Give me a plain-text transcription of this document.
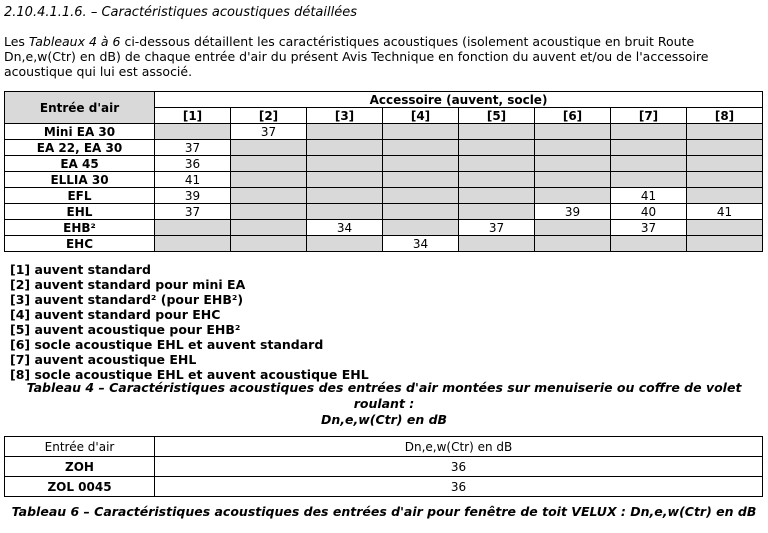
2.10.4.1.1.6. – Caractéristiques acoustiques détaillées
Les Tableaux 4 à 6 ci-dessous détaillent les caractéristiques acoustiques (isolement acoustique en bruit Route Dn,e,w(Ctr) en dB) de chaque entrée d'air du présent Avis Technique en fonction du auvent et/ou de l'accessoire acoustique qui lui est associé.
Entrée d'air	Accessoire (auvent, socle)							
	[1]	[2]	[3]	[4]	[5]	[6]	[7]	[8]
Mini EA 30		37						
EA 22, EA 30	37							
EA 45	36							
ELLIA 30	41							
EFL	39						41	
EHL	37					39	40	41
EHB²			34		37		37	
EHC				34				
[1] auvent standard
[2] auvent standard pour mini EA
[3] auvent standard² (pour EHB²)
[4] auvent standard pour EHC
[5] auvent acoustique pour EHB²
[6] socle acoustique EHL et auvent standard
[7] auvent acoustique EHL
[8] socle acoustique EHL et auvent acoustique EHL
Tableau 4 – Caractéristiques acoustiques des entrées d'air montées sur menuiserie ou coffre de volet roulant :
Dn,e,w(Ctr) en dB
Entrée d'air	Dn,e,w(Ctr) en dB
ZOH	36
ZOL 0045	36
Tableau 6 – Caractéristiques acoustiques des entrées d'air pour fenêtre de toit VELUX : Dn,e,w(Ctr) en dB
